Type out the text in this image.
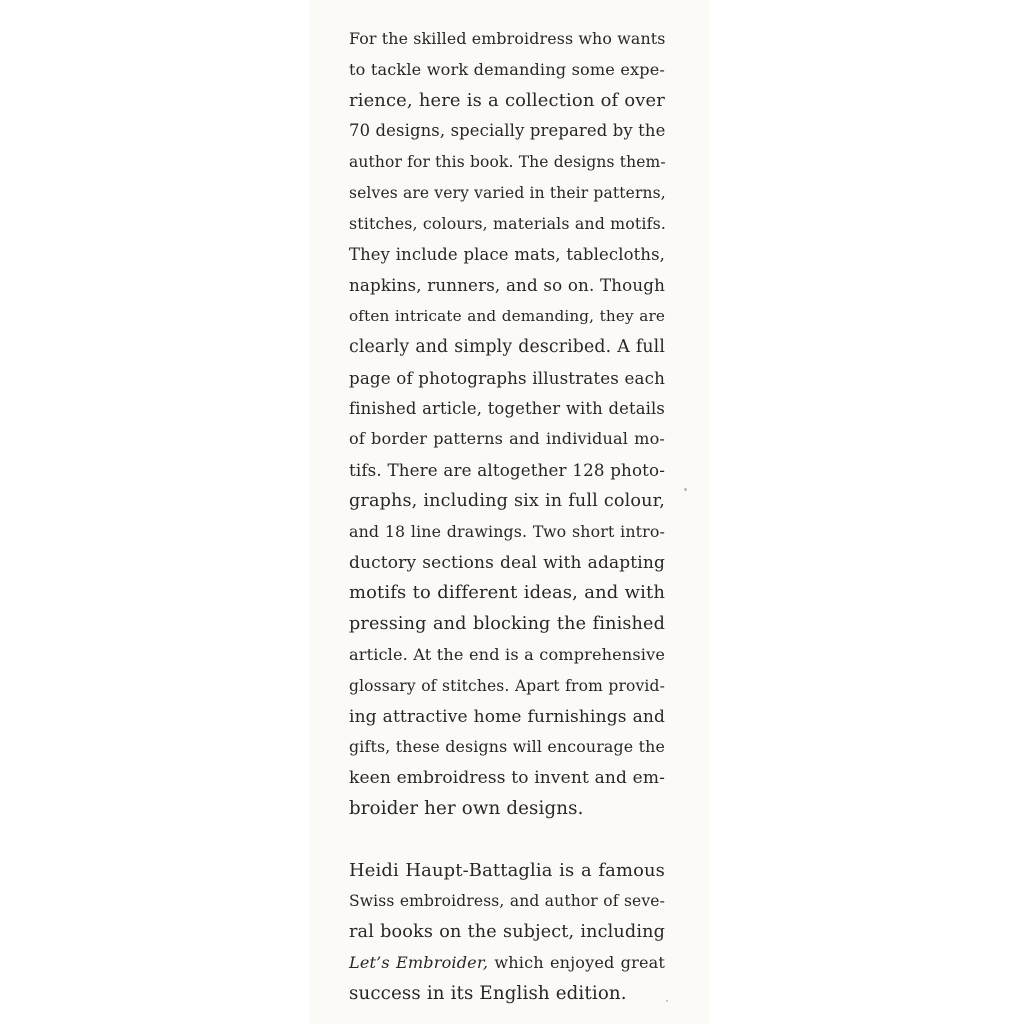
For the skilled embroidress who wants
to tackle work demanding some expe-
rience, here is a collection of over
70 designs, specially prepared by the
author for this book. The designs them-
selves are very varied in their patterns,
stitches, colours, materials and motifs.
They include place mats, tablecloths,
napkins, runners, and so on. Though
often intricate and demanding, they are
clearly and simply described. A full
page of photographs illustrates each
finished article, together with details
of border patterns and individual mo-
tifs. There are altogether 128 photo-
graphs, including six in full colour,
and 18 line drawings. Two short intro-
ductory sections deal with adapting
motifs to different ideas, and with
pressing and blocking the finished
article. At the end is a comprehensive
glossary of stitches. Apart from provid-
ing attractive home furnishings and
gifts, these designs will encourage the
keen embroidress to invent and em-
broider her own designs.
Heidi Haupt-Battaglia is a famous
Swiss embroidress, and author of seve-
ral books on the subject, including
Let’s Embroider, which enjoyed great
success in its English edition.
